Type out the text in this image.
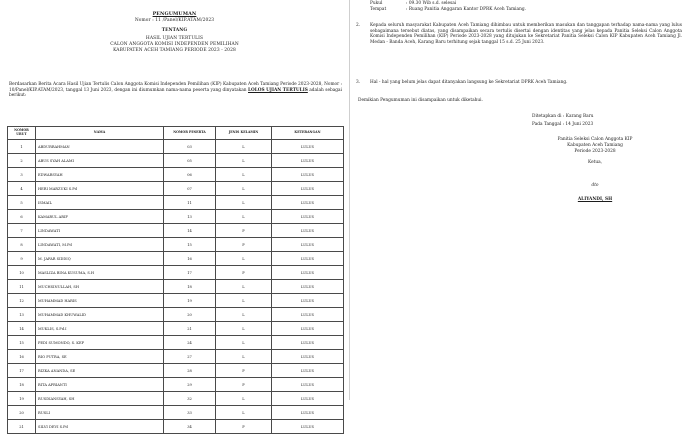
PENGUMUMAN
Nomor : 11 /Panel/KIP.ATAM/2023
TENTANG
HASIL UJIAN TERTULIS
CALON ANGGOTA KOMISI INDEPENDEN PEMILIHAN
KABUPATEN ACEH TAMIANG PERIODE 2023 - 2028
Berdasarkan Berita Acara Hasil Ujian Tertulis Calon Anggota Komisi Independen Pemilihan (KIP) Kabupaten Aceh Tamiang Periode 2023-2028, Nomor : 10/Panel/KIP.ATAM/2023, tanggal 13 Juni 2023, dengan ini diumumkan nama-nama peserta yang dinyatakan LOLOS UJIAN TERTULIS adalah sebagai berikut:
NOMOR URUT	NAMA	NOMOR PESERTA	JENIS KELAMIN	KETERANGAN
1	ABDURRAHMAN	03	L	LULUS
2	ABUS SYAH ALAMI	05	L	LULUS
3	EDWARSYAH	06	L	LULUS
4	HERI MARZUKI S.Pd	07	L	LULUS
5	ISMAIL	11	L	LULUS
6	KAMARUL ARIF	13	L	LULUS
7	LINDAWATI	14	P	LULUS
8	LINDAWATI, M.Pd	15	P	LULUS
9	M. JAFAR SIDDIQ	16	L	LULUS
10	MASLIZA BINA KUSUMA, S.H	17	P	LULUS
11	MUCHSINULLAH, SH	18	L	LULUS
12	MUHAMMAD HARIS	19	L	LULUS
13	MUHAMMAD KHUWALID	20	L	LULUS
14	MUKLIS, S.Pd.I	21	L	LULUS
15	PEDI SUMONDO, S. KEP	24	L	LULUS
16	RIO PUTRA, SE	27	L	LULUS
17	RIZKA ANANDA, SE	28	P	LULUS
18	RITA APRIANTI	29	P	LULUS
19	RUSDIANSYAH, SH	32	L	LULUS
20	RUSLI	33	L	LULUS
21	SILVI DEVI S.Pd	34	P	LULUS
Pukul	: 09.30 Wib s.d. selesai
Tempat	: Ruang Panitia Anggaran Kantor DPRK Aceh Tamiang.
2. Kepada seluruh masyarakat Kabupaten Aceh Tamiang dihimbau untuk memberikan masukan dan tanggapan terhadap nama-nama yang lulus sebagaimana tersebut diatas, yang disampaikan secara tertulis disertai dengan identitas yang jelas kepada Panitia Seleksi Calon Anggota Komisi Independen Pemilihan (KIP) Periode 2023-2028 yang ditujukan ke Sekretariat Panitia Seleksi Calon KIP Kabupaten Aceh Tamiang Jl. Medan - Banda Aceh, Karang Baru terhitung sejak tanggal 15 s.d. 25 Juni 2023.
3. Hal - hal yang belum jelas dapat ditanyakan langsung ke Sekretariat DPRK Aceh Tamiang.
Demikian Pengumuman ini disampaikan untuk diketahui.
Ditetapkan di : Karang Baru
Pada Tanggal : 14 Juni 2023
Panitia Seleksi Calon Anggota KIP
Kabupaten Aceh Tamiang
Periode 2023-2028
Ketua,
dto
ALIYANDI, SH
